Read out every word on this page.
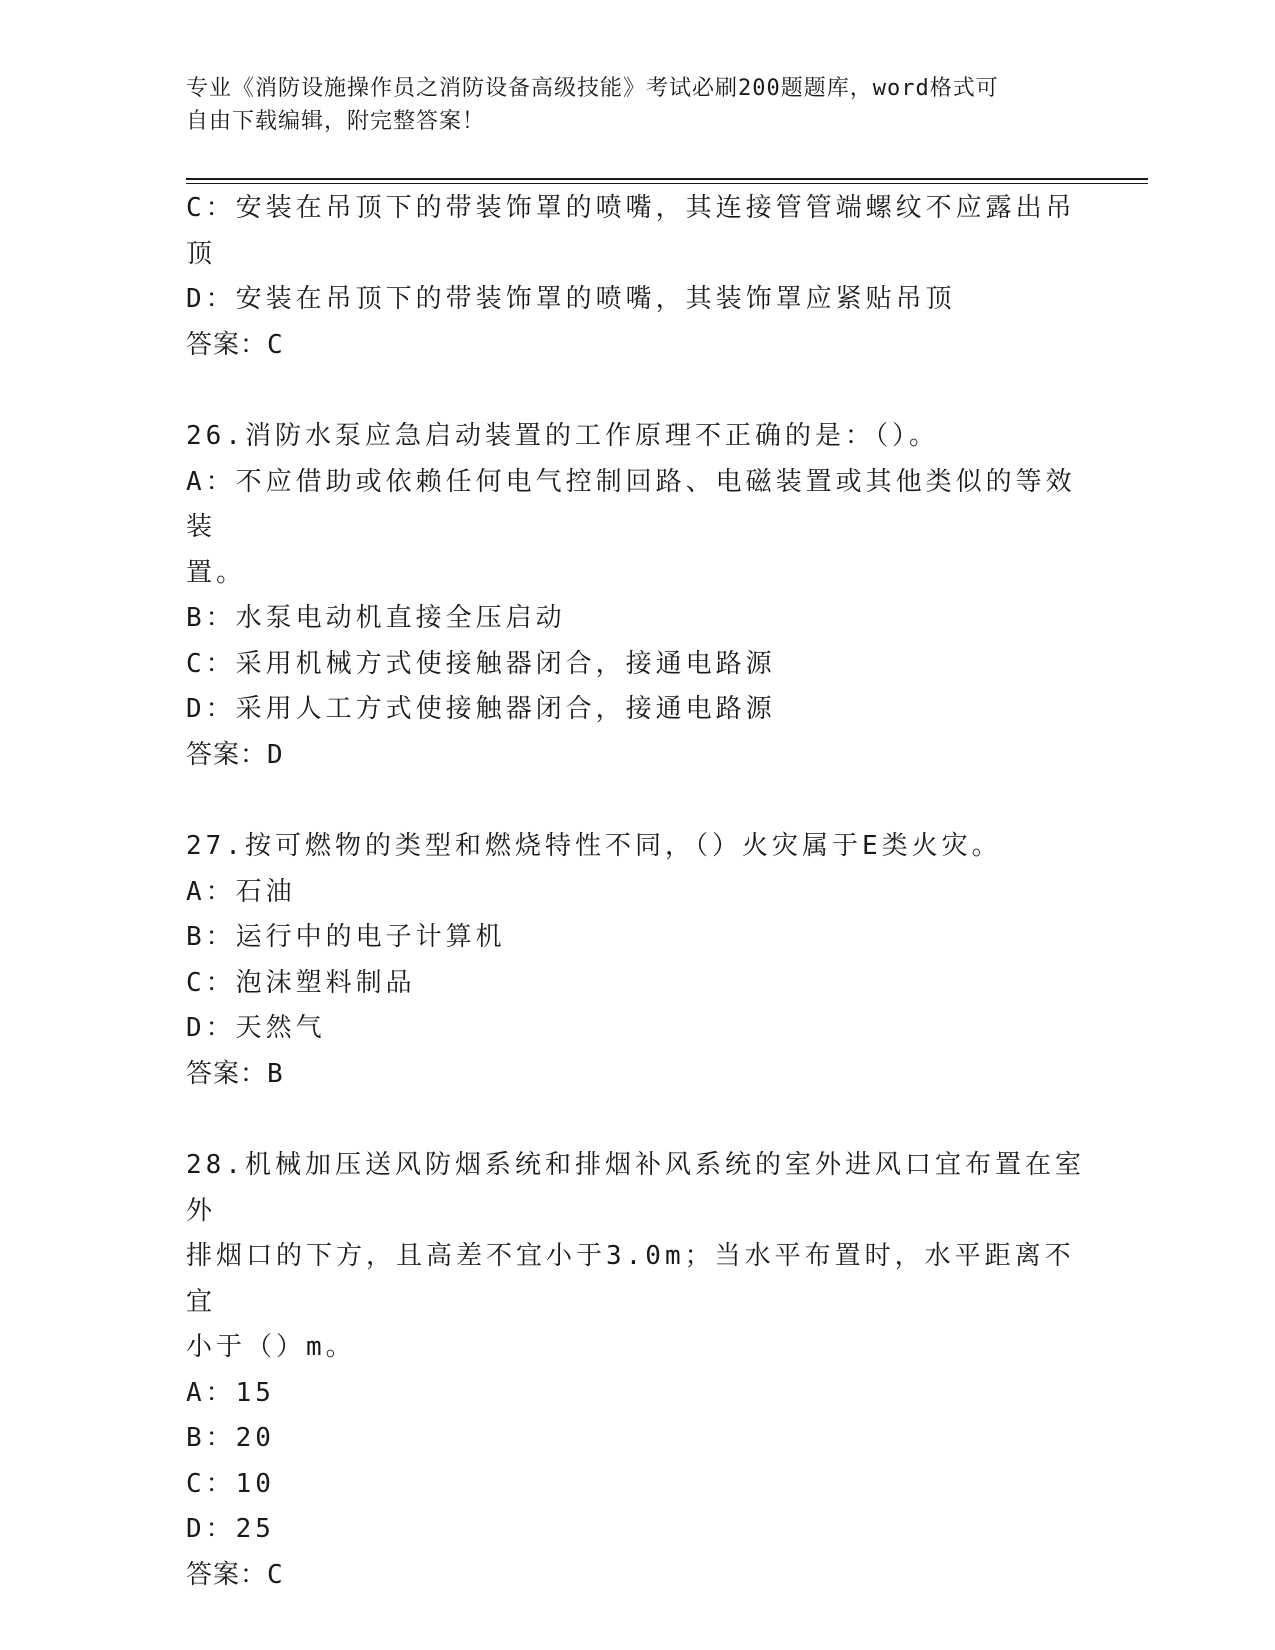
专业《消防设施操作员之消防设备高级技能》考试必刷200题题库，word格式可
自由下载编辑，附完整答案！
C：安装在吊顶下的带装饰罩的喷嘴，其连接管管端螺纹不应露出吊顶
D：安装在吊顶下的带装饰罩的喷嘴，其装饰罩应紧贴吊顶
答案：C
26.消防水泵应急启动装置的工作原理不正确的是：（）。
A：不应借助或依赖任何电气控制回路、电磁装置或其他类似的等效装
置。
B：水泵电动机直接全压启动
C：采用机械方式使接触器闭合，接通电路源
D：采用人工方式使接触器闭合，接通电路源
答案：D
27.按可燃物的类型和燃烧特性不同，（）火灾属于E类火灾。
A：石油
B：运行中的电子计算机
C：泡沫塑料制品
D：天然气
答案：B
28.机械加压送风防烟系统和排烟补风系统的室外进风口宜布置在室外
排烟口的下方，且高差不宜小于3.0m；当水平布置时，水平距离不宜
小于（）m。
A：15
B：20
C：10
D：25
答案：C
